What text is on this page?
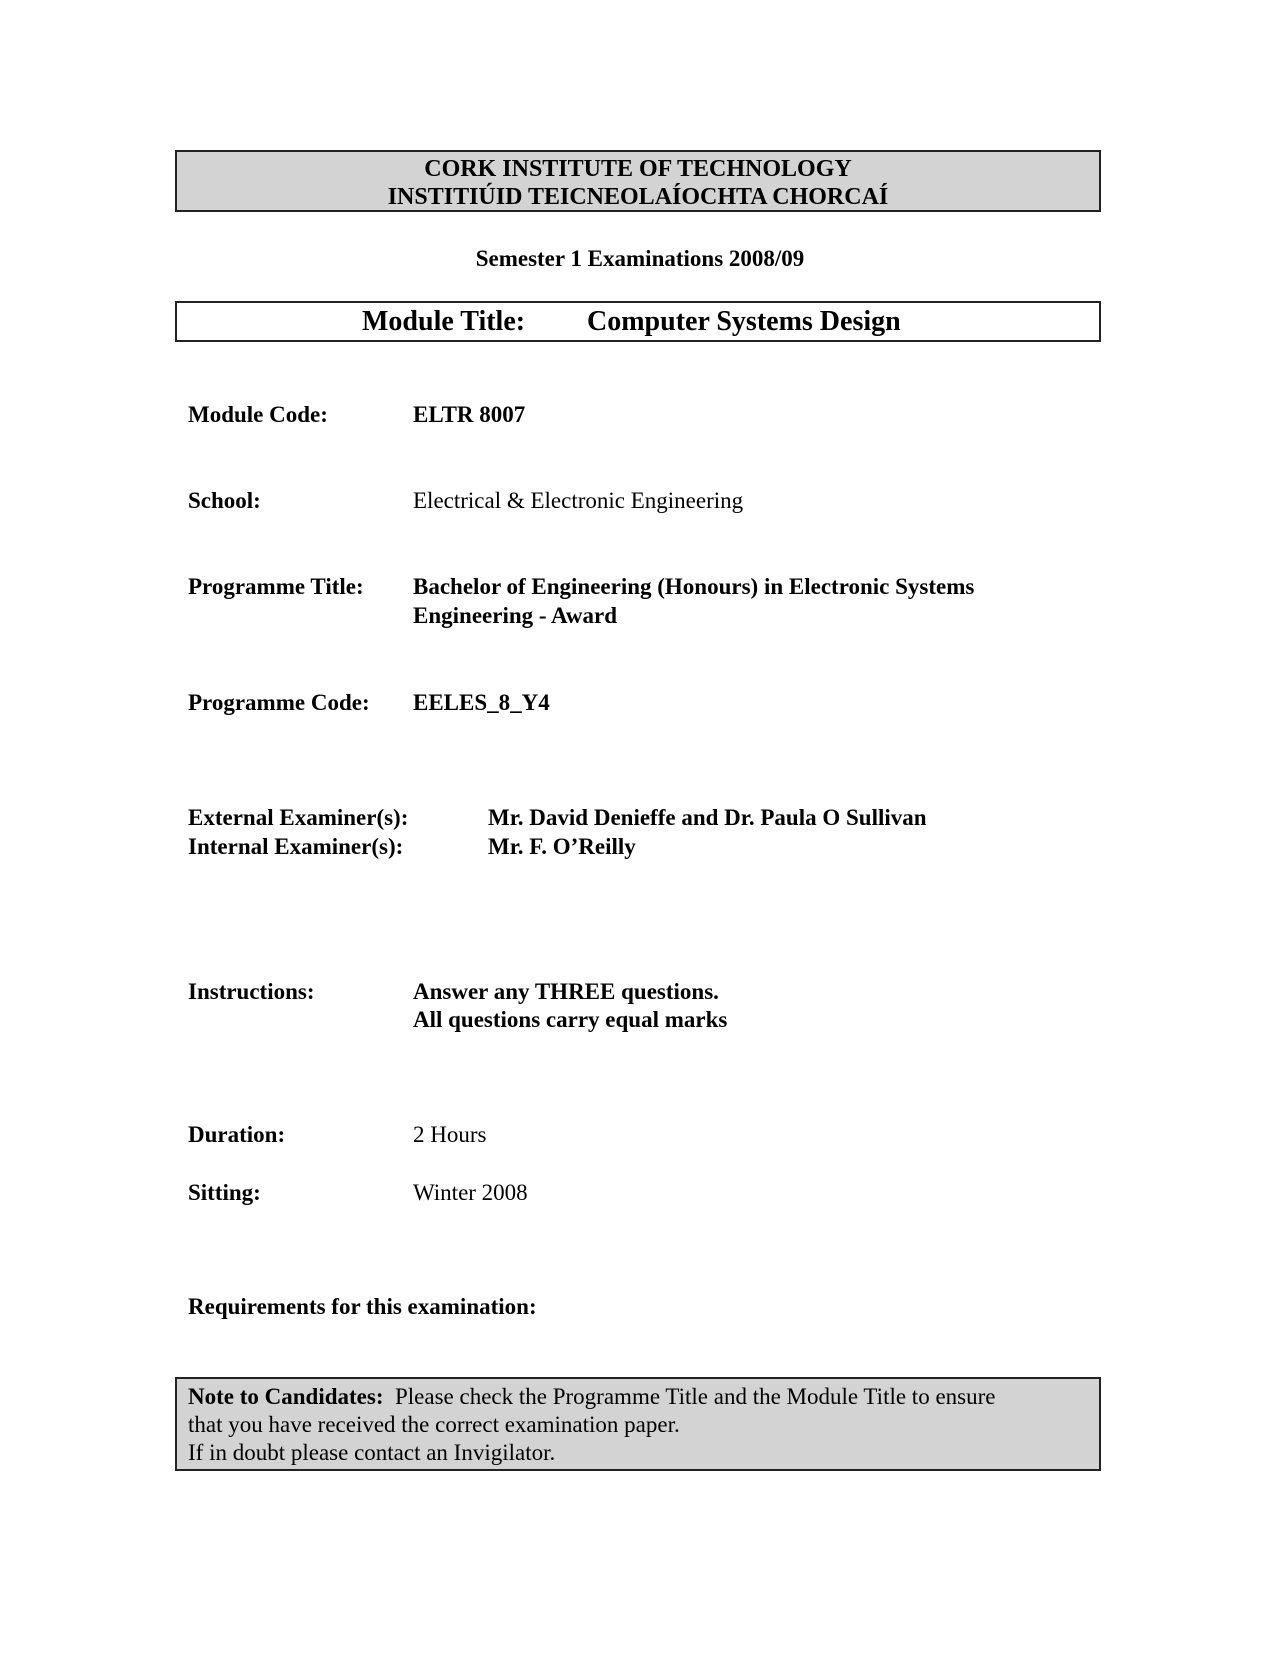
CORK INSTITUTE OF TECHNOLOGY
INSTITIÚID TEICNEOLAÍOCHTA CHORCAÍ
Semester 1 Examinations 2008/09
Module Title: Computer Systems Design
Module Code:	ELTR 8007
School:	Electrical & Electronic Engineering
Programme Title: Bachelor of Engineering (Honours) in Electronic Systems
Engineering - Award
Programme Code: EELES_8_Y4
External Examiner(s):	Mr. David Denieffe and Dr. Paula O Sullivan
Internal Examiner(s):	Mr. F. O’Reilly
Instructions:	Answer any THREE questions.
All questions carry equal marks
Duration:	2 Hours
Sitting:	Winter 2008
Requirements for this examination:
Note to Candidates: Please check the Programme Title and the Module Title to ensure
that you have received the correct examination paper.
If in doubt please contact an Invigilator.
